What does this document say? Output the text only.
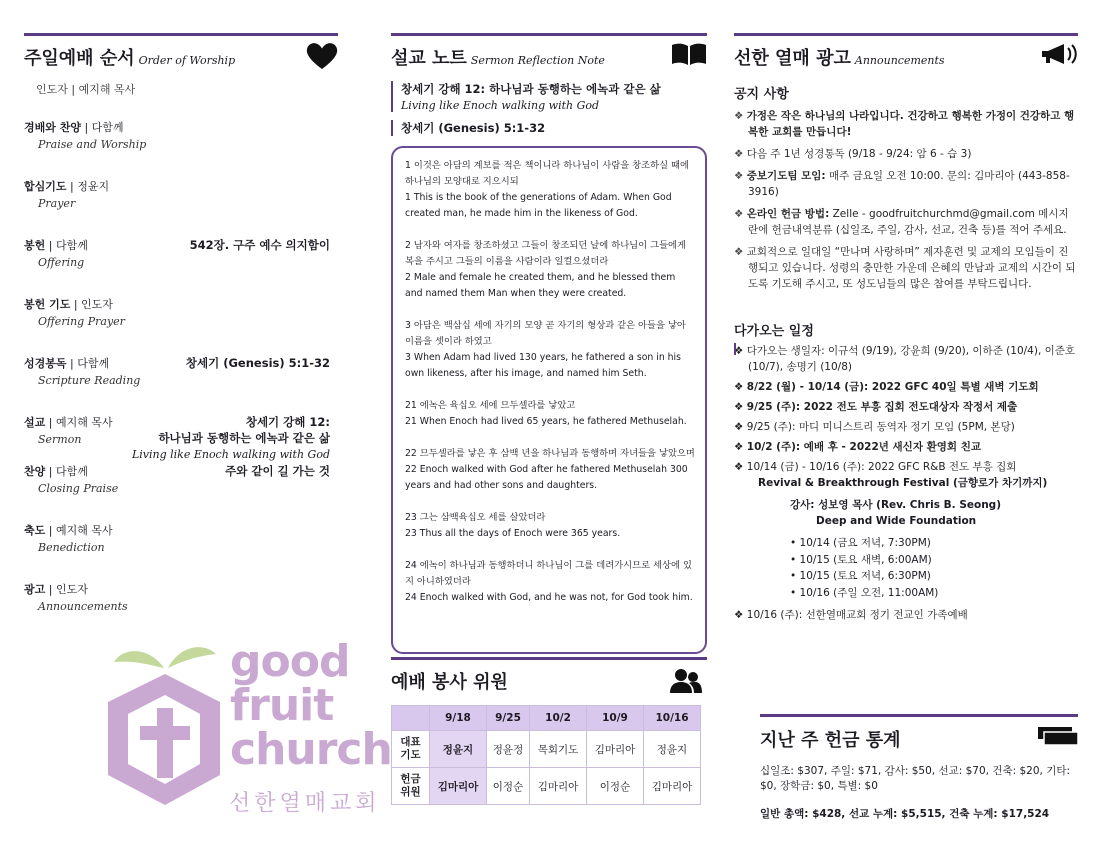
주일예배 순서 Order of Worship
인도자 | 예지해 목사
경배와 찬양 | 다함께
Praise and Worship
합심기도 | 정윤지
Prayer
봉헌 | 다함께
Offering
542장. 구주 예수 의지함이
봉헌 기도 | 인도자
Offering Prayer
성경봉독 | 다함께
Scripture Reading
창세기 (Genesis) 5:1-32
설교 | 예지해 목사
Sermon
창세기 강해 12:
하나님과 동행하는 에녹과 같은 삶
Living like Enoch walking with God
찬양 | 다함께
Closing Praise
주와 같이 길 가는 것
축도 | 예지해 목사
Benediction
광고 | 인도자
Announcements
설교 노트 Sermon Reflection Note
창세기 강해 12: 하나님과 동행하는 에녹과 같은 삶
Living like Enoch walking with God
창세기 (Genesis) 5:1-32
1 이것은 아담의 계보를 적은 책이니라 하나님이 사람을 창조하실 때에 하나님의 모양대로 지으시되
1 This is the book of the generations of Adam. When God created man, he made him in the likeness of God.
2 남자와 여자를 창조하셨고 그들이 창조되던 날에 하나님이 그들에게 복을 주시고 그들의 이름을 사람이라 일컬으셨더라
2 Male and female he created them, and he blessed them and named them Man when they were created.
3 아담은 백삼십 세에 자기의 모양 곧 자기의 형상과 같은 아들을 낳아 이름을 셋이라 하였고
3 When Adam had lived 130 years, he fathered a son in his own likeness, after his image, and named him Seth.
21 에녹은 육십오 세에 므두셀라를 낳았고
21 When Enoch had lived 65 years, he fathered Methuselah.
22 므두셀라를 낳은 후 삼백 년을 하나님과 동행하며 자녀들을 낳았으며
22 Enoch walked with God after he fathered Methuselah 300 years and had other sons and daughters.
23 그는 삼백육십오 세를 살았더라
23 Thus all the days of Enoch were 365 years.
24 에녹이 하나님과 동행하더니 하나님이 그를 데려가시므로 세상에 있지 아니하였더라
24 Enoch walked with God, and he was not, for God took him.
예배 봉사 위원
	9/18	9/25	10/2	10/9	10/16
대표
기도	정윤지	정윤정	목회기도	김마리아	정윤지
헌금
위원	김마리아	이정순	김마리아	이정순	김마리아
선한 열매 광고 Announcements
공지 사항
❖ 가정은 작은 하나님의 나라입니다. 건강하고 행복한 가정이 건강하고 행복한 교회를 만듭니다!
❖ 다음 주 1년 성경통독 (9/18 - 9/24: 암 6 - 습 3)
❖ 중보기도팀 모임: 매주 금요일 오전 10:00. 문의: 김마리아 (443-858-3916)
❖ 온라인 헌금 방법: Zelle - goodfruitchurchmd@gmail.com 메시지란에 헌금내역분류 (십일조, 주일, 감사, 선교, 건축 등)를 적어 주세요.
❖ 교회적으로 일대일 “만나며 사랑하며” 제자훈련 및 교제의 모임들이 진행되고 있습니다. 성령의 충만한 가운데 은혜의 만남과 교제의 시간이 되도록 기도해 주시고, 또 성도님들의 많은 참여를 부탁드립니다.
다가오는 일정
❖ 다가오는 생일자: 이규석 (9/19), 강윤희 (9/20), 이하준 (10/4), 이준호 (10/7), 송명기 (10/8)
❖ 8/22 (월) - 10/14 (금): 2022 GFC 40일 특별 새벽 기도회
❖ 9/25 (주): 2022 전도 부흥 집회 전도대상자 작정서 제출
❖ 9/25 (주): 마디 미니스트리 동역자 정기 모임 (5PM, 본당)
❖ 10/2 (주): 예배 후 - 2022년 새신자 환영회 친교
❖ 10/14 (금) - 10/16 (주): 2022 GFC R&B 전도 부흥 집회
Revival & Breakthrough Festival (금향로가 차기까지)
강사: 성보영 목사 (Rev. Chris B. Seong)
Deep and Wide Foundation
• 10/14 (금요 저녁, 7:30PM)
• 10/15 (토요 새벽, 6:00AM)
• 10/15 (토요 저녁, 6:30PM)
• 10/16 (주일 오전, 11:00AM)
❖ 10/16 (주): 선한열매교회 정기 전교인 가족예배
지난 주 헌금 통계
십일조: $307, 주일: $71, 감사: $50, 선교: $70, 건축: $20, 기타: $0, 장학금: $0, 특별: $0
일반 총액: $428, 선교 누계: $5,515, 건축 누계: $17,524
good
fruit
church
선한열매교회
